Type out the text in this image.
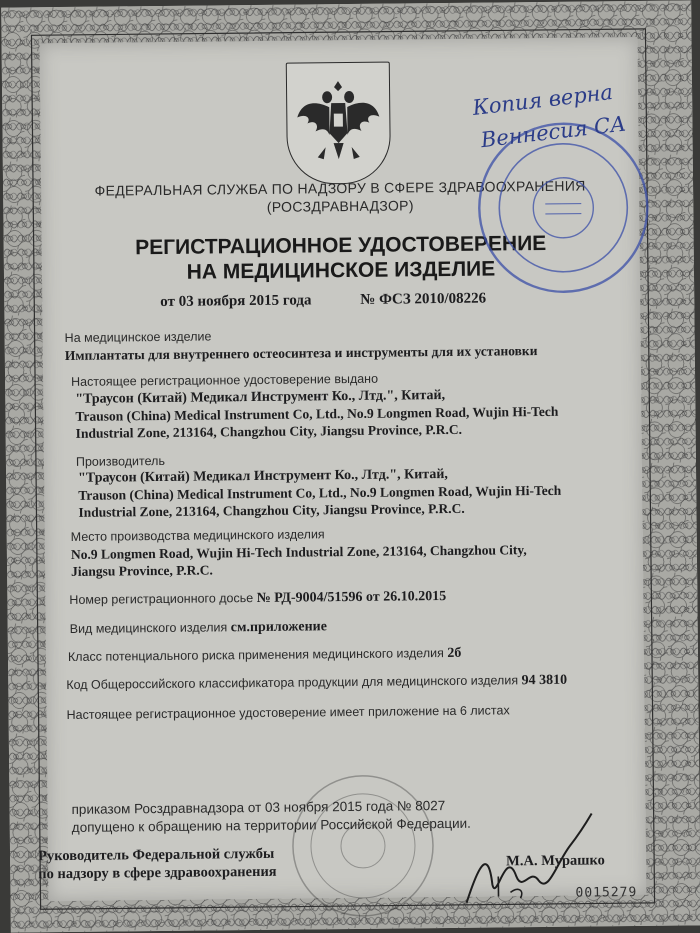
ФЕДЕРАЛЬНАЯ СЛУЖБА ПО НАДЗОРУ В СФЕРЕ ЗДРАВООХРАНЕНИЯ
(РОСЗДРАВНАДЗОР)
РЕГИСТРАЦИОННОЕ УДОСТОВЕРЕНИЕ
НА МЕДИЦИНСКОЕ ИЗДЕЛИЕ
от 03 ноября 2015 года	№ ФСЗ 2010/08226
На медицинское изделие
Имплантаты для внутреннего остеосинтеза и инструменты для их установки
Настоящее регистрационное удостоверение выдано
"Траусон (Китай) Медикал Инструмент Ко., Лтд.", Китай,
Trauson (China) Medical Instrument Co, Ltd., No.9 Longmen Road, Wujin Hi-Tech
Industrial Zone, 213164, Changzhou City, Jiangsu Province, P.R.C.
Производитель
"Траусон (Китай) Медикал Инструмент Ко., Лтд.", Китай,
Trauson (China) Medical Instrument Co, Ltd., No.9 Longmen Road, Wujin Hi-Tech
Industrial Zone, 213164, Changzhou City, Jiangsu Province, P.R.C.
Место производства медицинского изделия
No.9 Longmen Road, Wujin Hi-Tech Industrial Zone, 213164, Changzhou City,
Jiangsu Province, P.R.C.
Номер регистрационного досье № РД-9004/51596 от 26.10.2015
Вид медицинского изделия см.приложение
Класс потенциального риска применения медицинского изделия 2б
Код Общероссийского классификатора продукции для медицинского изделия 94 3810
Настоящее регистрационное удостоверение имеет приложение на 6 листах
приказом Росздравнадзора от 03 ноября 2015 года № 8027
допущено к обращению на территории Российской Федерации.
Руководитель Федеральной службы
по надзору в сфере здравоохранения
М.А. Мурашко
Копия верна
Веннесия СА
0015279
